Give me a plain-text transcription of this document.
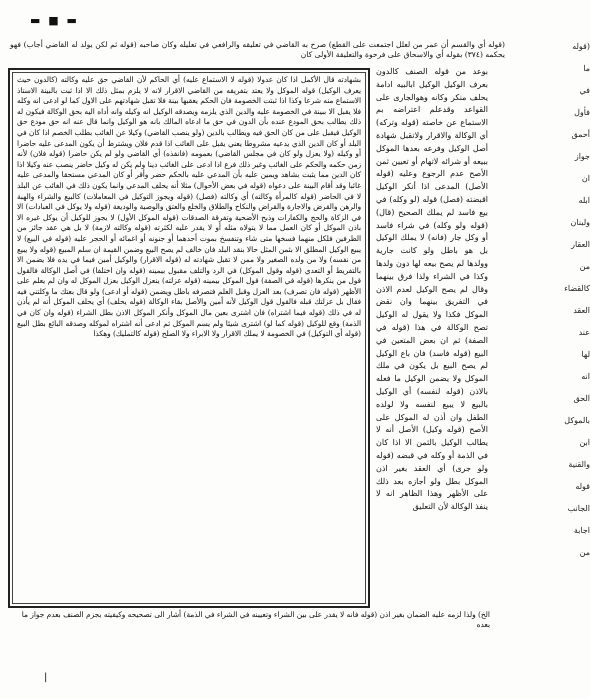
▬ ■ ▬
(قوله أي والقسم أن عمر من لعلل اجتمعت على القطع) صرح به القاضي في تعليقه والرافعي في تعليله وكان صاحبه (قوله ثم لكن يولد له القاضي أجاب) فهو يحكمه (٣٧٤) بقوله أي والاسحاق على فرحوة والتعليقة الأولى كان
بشهادته قال الأكمل اذا كان عدولا (قوله لا الاستماع عليه) أي الحاكم لأن القاضي حق عليه وكالته (كالدون حيث يعرف الوكيل) قوله الموكل ولا يعتد بتفريقه من القاضي الاقرار لانه لا يلزم بمثل ذلك الا اذا ثبت بالبينة الاستاذ الاستماع منه شرعا وكذا اذا ثبتت الخصومة فان الحكم يعقبها بينة فلا تقبل شهادتهم على الاول كما لو ادعى انه وكله فلا يقبل الا ببينة في الخصومة عليه والدين الذي يلزمه ويصدقه الوكيل انه وكيله وانه أداه اليه بحق الوكالة فيكون له ذلك يطالب بحق المودع عنده بأن الدون في حق ما ادعاه المالك بانه هو الوكيل وانما قال عنه انه حق مودع حق الوكيل فيقبل على من كان الحق فيه ويطالب بالدين (ولو ينصب القاضي) وكيلا عن الغائب بطلب الخصم اذا كان في البلد أو كان الدين الذي يدعيه مشروطا يعني يقبل على الغائب اذا قدم فلان ويشترط أن يكون المدعى عليه حاضرا أو وكيله (ولا يعزل ولو كان في مجلس القاضي) بعمومه (فانفذه) أي القاضي ولو لم يكن حاضرا (قوله فلان) لأنه زمن حكمه والحكم على الغائب وغير ذلك فرع اذا ادعى على الغائب دينا ولم يكن له وكيل حاضر ينصب عنه وكيلا اذا كان الدين مما يثبت بشاهد ويمين عليه بأن المدعي عليه بالحكم حضر وأقر أو كان المدعي مستحقا والمدعى عليه غائبا وقد أقام البينة على دعواه (قوله في بعض الأحوال) مثلا أنه يحلف المدعي وانما يكون ذلك في الغائب عن البلد لا في الحاضر (قوله كالمرأة وكالته) أي وكالته (فصل) (قوله ويجوز التوكيل في المعاملات) كالبيع والشراء والهبة والرهن والقرض والاجارة والقراض والنكاح والطلاق والخلع والعتق والوصية والوديعة (قوله ولا يوكل في العبادات) الا في الزكاة والحج والكفارات وذبح الأضحية وتفرقة الصدقات (قوله الموكل الأول) لا يجوز للوكيل أن يوكل غيره الا باذن الموكل أو كان العمل مما لا يتولاه مثله أو لا يقدر عليه لكثرته (قوله وكالته لازمة) لا بل هي عقد جائز من الطرفين فلكل منهما فسخها متى شاء وتنفسخ بموت أحدهما أو جنونه أو اغمائه أو الحجر عليه (قوله في البيع) لا يبيع الوكيل المطلق الا بثمن المثل حالا بنقد البلد فان خالف لم يصح البيع وضمن القيمة ان سلم المبيع (قوله ولا يبيع من نفسه) ولا من ولده الصغير ولا ممن لا تقبل شهادته له (قوله الاقرار) والوكيل أمين فيما في يده فلا يضمن الا بالتفريط أو التعدي (قوله وقول الموكل) في الرد والتلف مقبول بيمينه (قوله وان اختلفا) في أصل الوكالة فالقول قول من ينكرها (قوله في الصفة) قول الموكل بيمينه (قوله عزلته) ينعزل الوكيل بعزل الموكل له وان لم يعلم على الأظهر (قوله فان تصرف) بعد العزل وقبل العلم فتصرفه باطل ويضمن (قوله أو ادعى) ولو قال بعتك ما وكلتني فيه فقال بل عزلتك قبله فالقول قول الوكيل لأنه أمين والأصل بقاء الوكالة (قوله يحلف) أي يحلف الموكل أنه لم يأذن له في ذلك (قوله فيما اشتراه) فان اشترى بعين مال الموكل وأنكر الموكل الاذن بطل الشراء (قوله وان كان في الذمة) وقع للوكيل (قوله كما لو) اشترى شيئا ولم يسم الموكل ثم ادعى أنه اشتراه لموكله وصدقه البائع بطل البيع (قوله أي التوكيل) في الخصومة لا يملك الاقرار ولا الابراء ولا الصلح (قوله كالتمليك) وهكذا
بوعد من قوله الصنف كالدون بعرف الوكيل الوكيل ابالبيه ادامة يحلف منكر وكانه وهوالجارى على القواعد وقدعلم اعتراضه بم الاستماع عن خاصته (قوله وتركه) أي الوكالة والاقرار ولاتقبل شهادة أصل الوكيل وفرعه بعدها الموكل ببيعه أو شرائه لاتهام أو تعيين ثمن الأصح عدم الرجوع وعليه (قوله الأصل) المدعى اذا أنكر الوكيل اقبضته (فصل) قوله (لو وكله) في بيع فاسد لم يملك الصحيح (قال) (قوله ولو وكله) في شراء فاسد أو وكل جار (فانه) لا يملك الوكيل بل هو باطل ولو كانت جارية وولدها لم يصح بيعه لها دون ولدها وكذا في الشراء ولذا فرق بينهما وقال لم يصح الوكيل لعدم الاذن في التفريق بينهما وان نقض الموكل فكذا ولا يقول له الوكيل تصح الوكالة في هذا (قوله في الصفة) ثم ان بعض المتعين في البيع (قوله فاسد) فان باع الوكيل لم يصح البيع بل يكون في ملك الموكل ولا يضمن الوكيل ما فعله بالاذن (قوله لنفسه) أي الوكيل بالبيع لا يبيع لنفسه ولا لولده الطفل وان أذن له الموكل على الأصح (قوله وكيل) الأصل أنه لا يطالب الوكيل بالثمن الا اذا كان في الذمة أو وكله في قبضه (قوله ولو جرى) أي العقد بغير اذن الموكل بطل ولو أجازه بعد ذلك على الأظهر وهذا الظاهر انه لا ينفذ الوكالة لأن التعليق
(قوله
ما
في
فأول
أحمق
جواز
ان
ابله
ولبنان
العقار
من
كالقضاء
العقد
عند
لها
انه
الحق
بالموكل
ابن
والقنية
قوله
الجانب
اجابة
من
الخ) ولذا لزمه عليه الضمان بغير اذن (قوله فانه لا يقدر على بين الشراء وتعيينه في الشراء في الذمة) أشار الى تصحيحه وكيفيته بجزم الصنف بعدم جواز ما بعده
|
